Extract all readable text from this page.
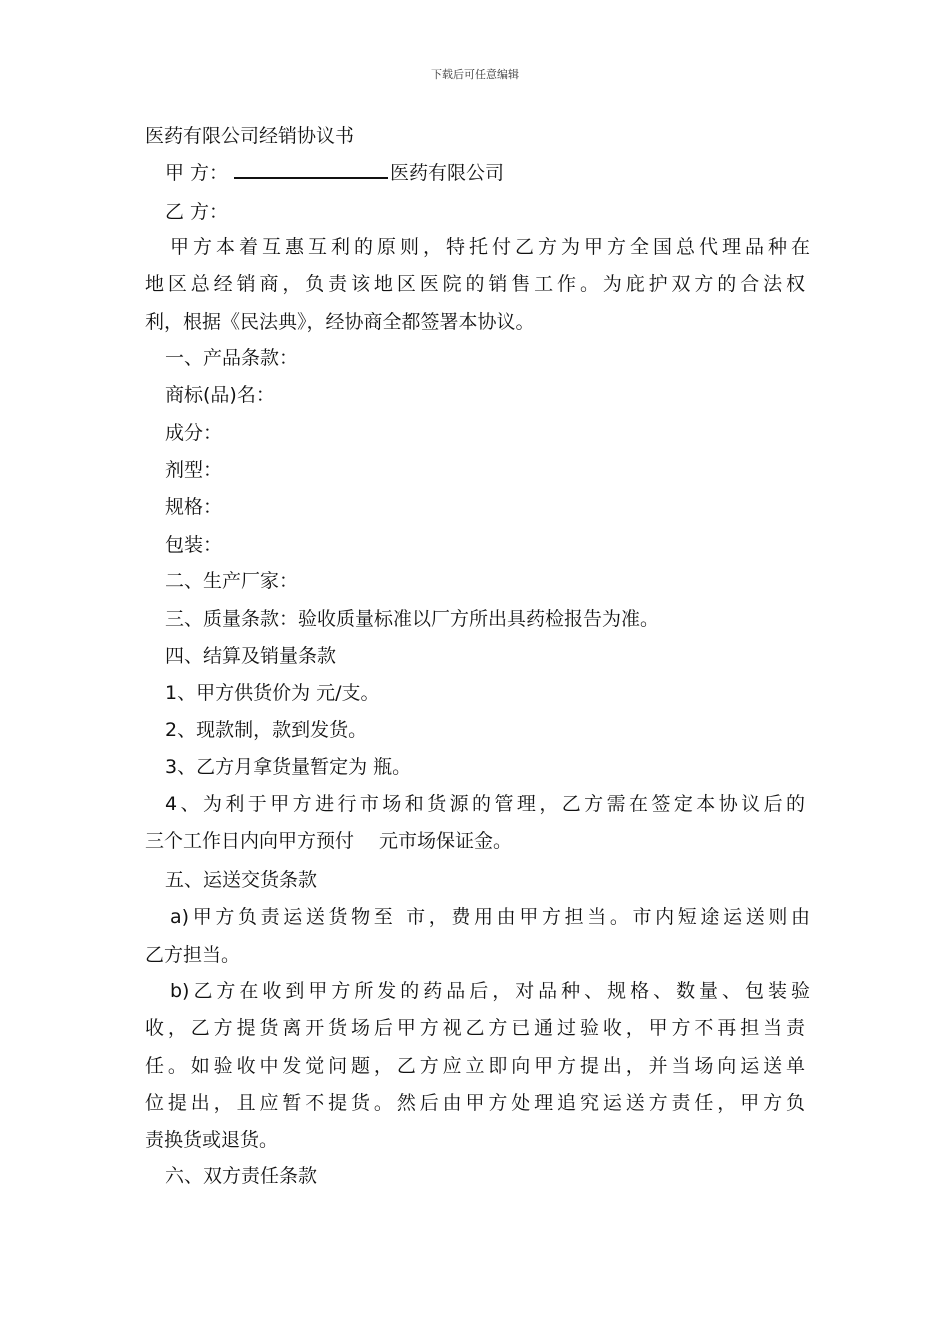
下载后可任意编辑
医药有限公司经销协议书
甲 方：	医药有限公司
乙 方：
甲方本着互惠互利的原则，特托付乙方为甲方全国总代理品种在
地区总经销商，负责该地区医院的销售工作。为庇护双方的合法权
利，根据《民法典》，经协商全都签署本协议。
一、产品条款：
商标(品)名：
成分：
剂型：
规格：
包装：
二、生产厂家：
三、质量条款：验收质量标准以厂方所出具药检报告为准。
四、结算及销量条款
1、甲方供货价为 元/支。
2、现款制，款到发货。
3、乙方月拿货量暂定为 瓶。
4、为利于甲方进行市场和货源的管理，乙方需在签定本协议后的
三个工作日内向甲方预付 　元市场保证金。
五、运送交货条款
a)甲方负责运送货物至 市，费用由甲方担当。市内短途运送则由
乙方担当。
b)乙方在收到甲方所发的药品后，对品种、规格、数量、包装验
收，乙方提货离开货场后甲方视乙方已通过验收，甲方不再担当责
任。如验收中发觉问题，乙方应立即向甲方提出，并当场向运送单
位提出，且应暂不提货。然后由甲方处理追究运送方责任，甲方负
责换货或退货。
六、双方责任条款
